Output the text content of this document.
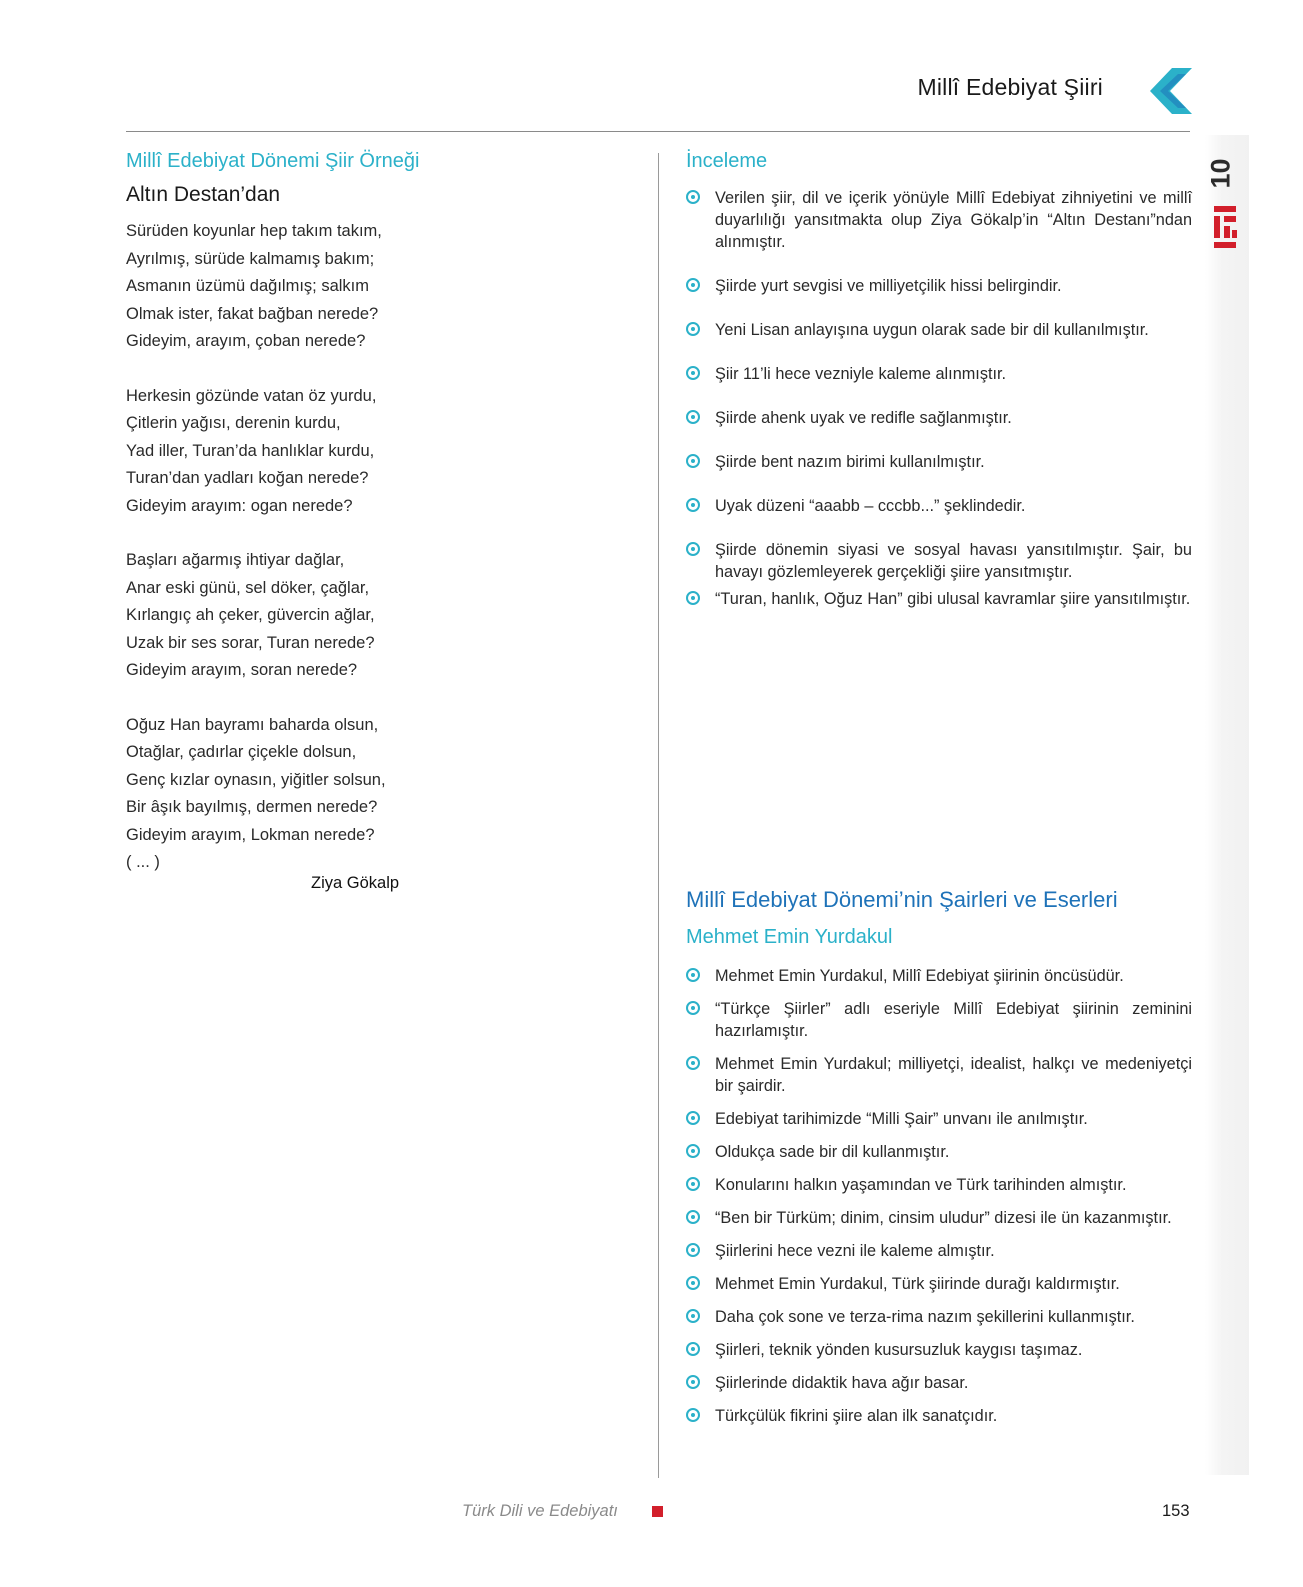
Millî Edebiyat Şiiri
10
Millî Edebiyat Dönemi Şiir Örneği
Altın Destan’dan
Sürüden koyunlar hep takım takım,
Ayrılmış, sürüde kalmamış bakım;
Asmanın üzümü dağılmış; salkım
Olmak ister, fakat bağban nerede?
Gideyim, arayım, çoban nerede?
Herkesin gözünde vatan öz yurdu,
Çitlerin yağısı, derenin kurdu,
Yad iller, Turan’da hanlıklar kurdu,
Turan’dan yadları koğan nerede?
Gideyim arayım: ogan nerede?
Başları ağarmış ihtiyar dağlar,
Anar eski günü, sel döker, çağlar,
Kırlangıç ah çeker, güvercin ağlar,
Uzak bir ses sorar, Turan nerede?
Gideyim arayım, soran nerede?
Oğuz Han bayramı baharda olsun,
Otağlar, çadırlar çiçekle dolsun,
Genç kızlar oynasın, yiğitler solsun,
Bir âşık bayılmış, dermen nerede?
Gideyim arayım, Lokman nerede?
( ... )
Ziya Gökalp
İnceleme
Verilen şiir, dil ve içerik yönüyle Millî Edebiyat zihniyetini ve millî duyarlılığı yansıtmakta olup Ziya Gökalp’in “Altın Destanı”ndan alınmıştır.
Şiirde yurt sevgisi ve milliyetçilik hissi belirgindir.
Yeni Lisan anlayışına uygun olarak sade bir dil kullanılmıştır.
Şiir 11’li hece vezniyle kaleme alınmıştır.
Şiirde ahenk uyak ve redifle sağlanmıştır.
Şiirde bent nazım birimi kullanılmıştır.
Uyak düzeni “aaabb – cccbb...” şeklindedir.
Şiirde dönemin siyasi ve sosyal havası yansıtılmıştır. Şair, bu havayı gözlemleyerek gerçekliği şiire yansıtmıştır.
“Turan, hanlık, Oğuz Han” gibi ulusal kavramlar şiire yansıtılmıştır.
Millî Edebiyat Dönemi’nin Şairleri ve Eserleri
Mehmet Emin Yurdakul
Mehmet Emin Yurdakul, Millî Edebiyat şiirinin öncüsüdür.
“Türkçe Şiirler” adlı eseriyle Millî Edebiyat şiirinin zeminini hazırlamıştır.
Mehmet Emin Yurdakul; milliyetçi, idealist, halkçı ve medeniyetçi bir şairdir.
Edebiyat tarihimizde “Milli Şair” unvanı ile anılmıştır.
Oldukça sade bir dil kullanmıştır.
Konularını halkın yaşamından ve Türk tarihinden almıştır.
“Ben bir Türküm; dinim, cinsim uludur” dizesi ile ün kazanmıştır.
Şiirlerini hece vezni ile kaleme almıştır.
Mehmet Emin Yurdakul, Türk şiirinde durağı kaldırmıştır.
Daha çok sone ve terza-rima nazım şekillerini kullanmıştır.
Şiirleri, teknik yönden kusursuzluk kaygısı taşımaz.
Şiirlerinde didaktik hava ağır basar.
Türkçülük fikrini şiire alan ilk sanatçıdır.
Türk Dili ve Edebiyatı	153
